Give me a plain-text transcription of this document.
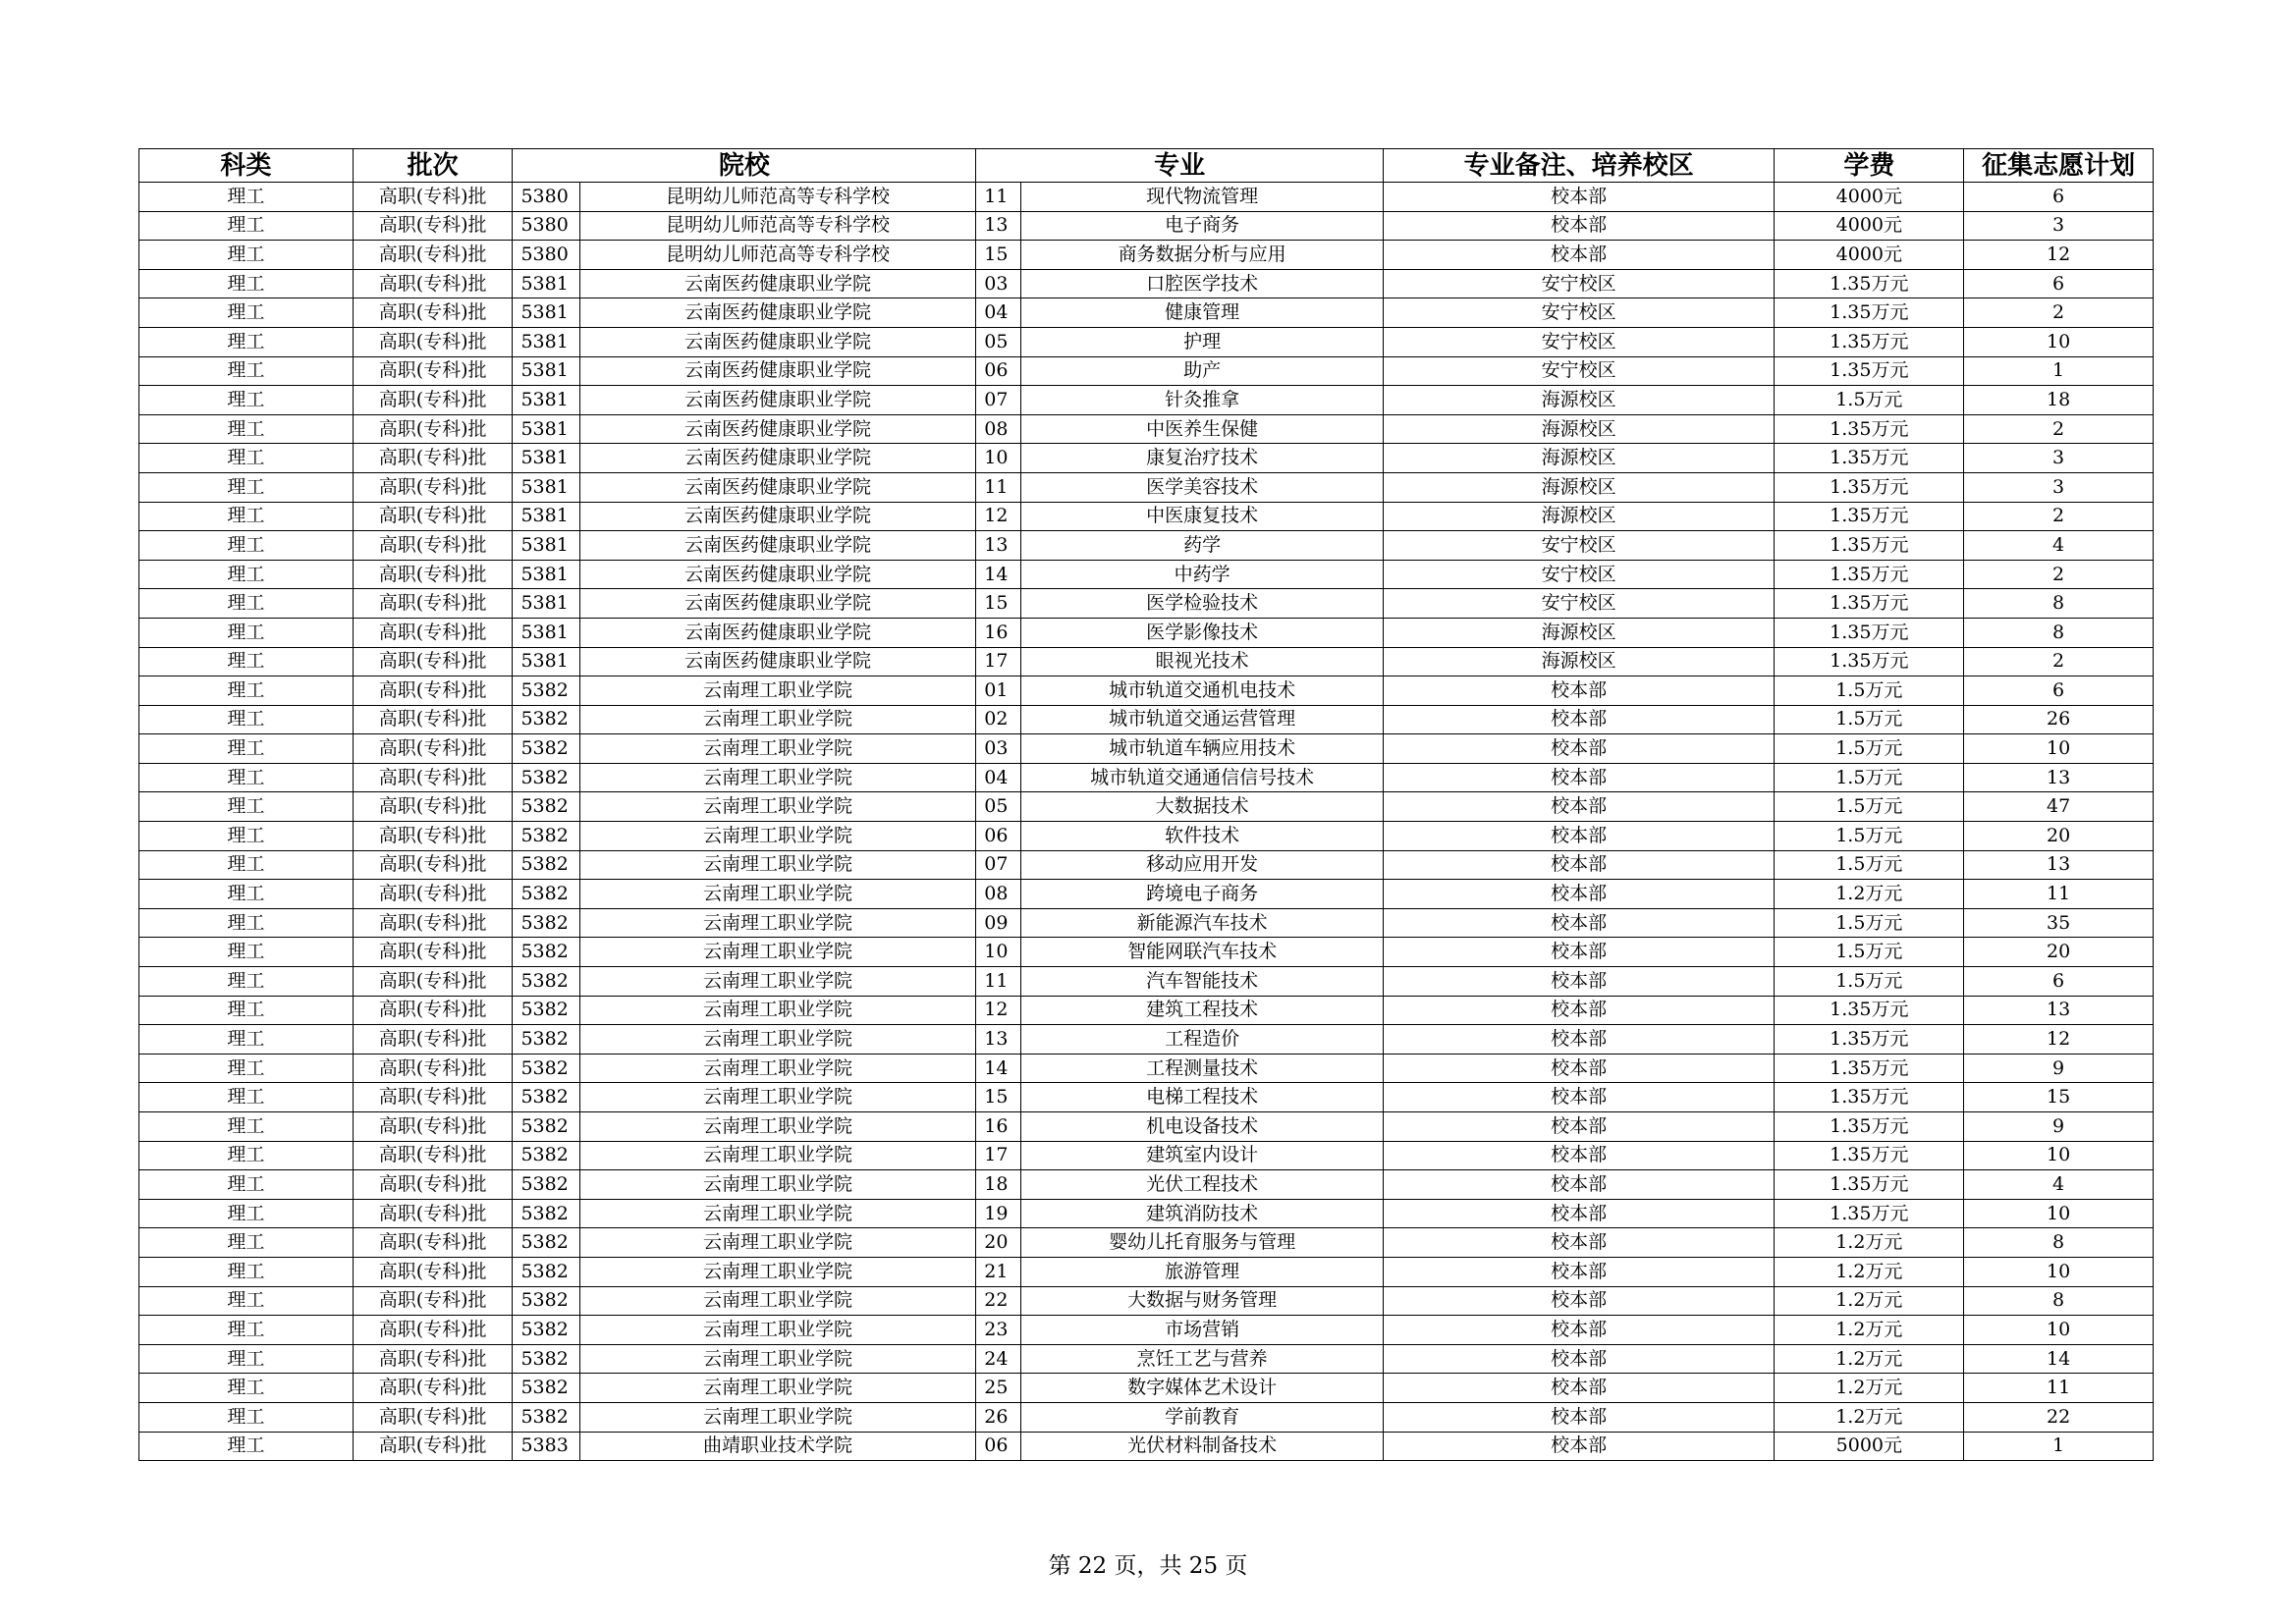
科类	批次	院校		专业		专业备注、培养校区	学费	征集志愿计划
理工	高职(专科)批	5380	昆明幼儿师范高等专科学校	11	现代物流管理	校本部	4000元	6
理工	高职(专科)批	5380	昆明幼儿师范高等专科学校	13	电子商务	校本部	4000元	3
理工	高职(专科)批	5380	昆明幼儿师范高等专科学校	15	商务数据分析与应用	校本部	4000元	12
理工	高职(专科)批	5381	云南医药健康职业学院	03	口腔医学技术	安宁校区	1.35万元	6
理工	高职(专科)批	5381	云南医药健康职业学院	04	健康管理	安宁校区	1.35万元	2
理工	高职(专科)批	5381	云南医药健康职业学院	05	护理	安宁校区	1.35万元	10
理工	高职(专科)批	5381	云南医药健康职业学院	06	助产	安宁校区	1.35万元	1
理工	高职(专科)批	5381	云南医药健康职业学院	07	针灸推拿	海源校区	1.5万元	18
理工	高职(专科)批	5381	云南医药健康职业学院	08	中医养生保健	海源校区	1.35万元	2
理工	高职(专科)批	5381	云南医药健康职业学院	10	康复治疗技术	海源校区	1.35万元	3
理工	高职(专科)批	5381	云南医药健康职业学院	11	医学美容技术	海源校区	1.35万元	3
理工	高职(专科)批	5381	云南医药健康职业学院	12	中医康复技术	海源校区	1.35万元	2
理工	高职(专科)批	5381	云南医药健康职业学院	13	药学	安宁校区	1.35万元	4
理工	高职(专科)批	5381	云南医药健康职业学院	14	中药学	安宁校区	1.35万元	2
理工	高职(专科)批	5381	云南医药健康职业学院	15	医学检验技术	安宁校区	1.35万元	8
理工	高职(专科)批	5381	云南医药健康职业学院	16	医学影像技术	海源校区	1.35万元	8
理工	高职(专科)批	5381	云南医药健康职业学院	17	眼视光技术	海源校区	1.35万元	2
理工	高职(专科)批	5382	云南理工职业学院	01	城市轨道交通机电技术	校本部	1.5万元	6
理工	高职(专科)批	5382	云南理工职业学院	02	城市轨道交通运营管理	校本部	1.5万元	26
理工	高职(专科)批	5382	云南理工职业学院	03	城市轨道车辆应用技术	校本部	1.5万元	10
理工	高职(专科)批	5382	云南理工职业学院	04	城市轨道交通通信信号技术	校本部	1.5万元	13
理工	高职(专科)批	5382	云南理工职业学院	05	大数据技术	校本部	1.5万元	47
理工	高职(专科)批	5382	云南理工职业学院	06	软件技术	校本部	1.5万元	20
理工	高职(专科)批	5382	云南理工职业学院	07	移动应用开发	校本部	1.5万元	13
理工	高职(专科)批	5382	云南理工职业学院	08	跨境电子商务	校本部	1.2万元	11
理工	高职(专科)批	5382	云南理工职业学院	09	新能源汽车技术	校本部	1.5万元	35
理工	高职(专科)批	5382	云南理工职业学院	10	智能网联汽车技术	校本部	1.5万元	20
理工	高职(专科)批	5382	云南理工职业学院	11	汽车智能技术	校本部	1.5万元	6
理工	高职(专科)批	5382	云南理工职业学院	12	建筑工程技术	校本部	1.35万元	13
理工	高职(专科)批	5382	云南理工职业学院	13	工程造价	校本部	1.35万元	12
理工	高职(专科)批	5382	云南理工职业学院	14	工程测量技术	校本部	1.35万元	9
理工	高职(专科)批	5382	云南理工职业学院	15	电梯工程技术	校本部	1.35万元	15
理工	高职(专科)批	5382	云南理工职业学院	16	机电设备技术	校本部	1.35万元	9
理工	高职(专科)批	5382	云南理工职业学院	17	建筑室内设计	校本部	1.35万元	10
理工	高职(专科)批	5382	云南理工职业学院	18	光伏工程技术	校本部	1.35万元	4
理工	高职(专科)批	5382	云南理工职业学院	19	建筑消防技术	校本部	1.35万元	10
理工	高职(专科)批	5382	云南理工职业学院	20	婴幼儿托育服务与管理	校本部	1.2万元	8
理工	高职(专科)批	5382	云南理工职业学院	21	旅游管理	校本部	1.2万元	10
理工	高职(专科)批	5382	云南理工职业学院	22	大数据与财务管理	校本部	1.2万元	8
理工	高职(专科)批	5382	云南理工职业学院	23	市场营销	校本部	1.2万元	10
理工	高职(专科)批	5382	云南理工职业学院	24	烹饪工艺与营养	校本部	1.2万元	14
理工	高职(专科)批	5382	云南理工职业学院	25	数字媒体艺术设计	校本部	1.2万元	11
理工	高职(专科)批	5382	云南理工职业学院	26	学前教育	校本部	1.2万元	22
理工	高职(专科)批	5383	曲靖职业技术学院	06	光伏材料制备技术	校本部	5000元	1
第 22 页，共 25 页
